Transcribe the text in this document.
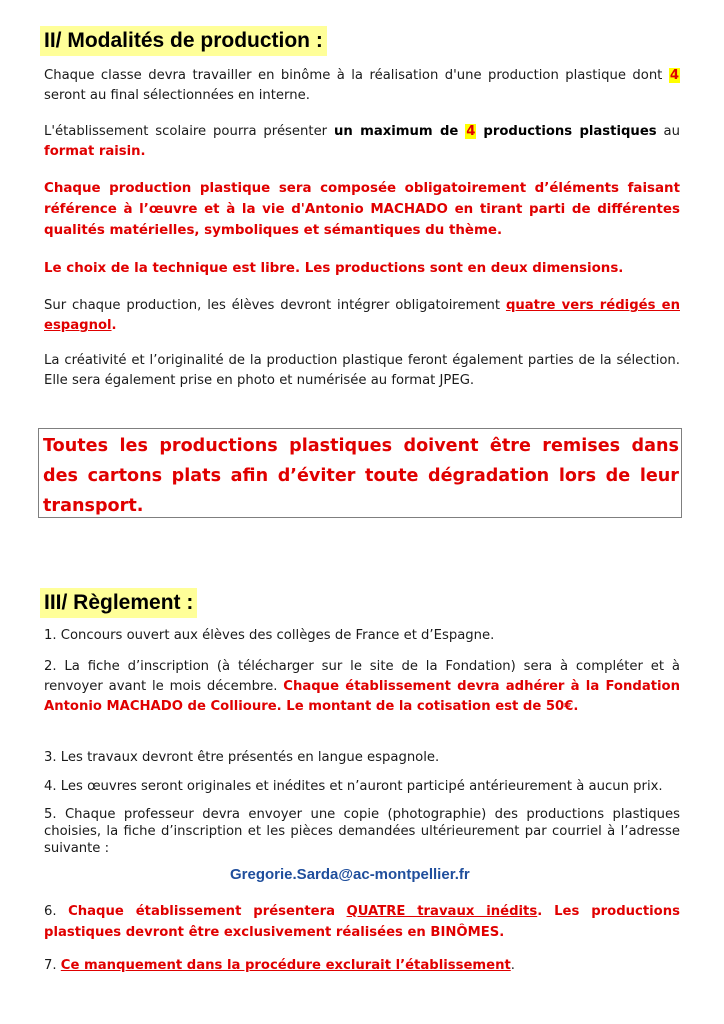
II/ Modalités de production :
Chaque classe devra travailler en binôme à la réalisation d'une production plastique dont 4 seront au final sélectionnées en interne.
L'établissement scolaire pourra présenter un maximum de 4 productions plastiques au format raisin.
Chaque production plastique sera composée obligatoirement d’éléments faisant référence à l’œuvre et à la vie d'Antonio MACHADO en tirant parti de différentes qualités matérielles, symboliques et sémantiques du thème.
Le choix de la technique est libre. Les productions sont en deux dimensions.
Sur chaque production, les élèves devront intégrer obligatoirement quatre vers rédigés en espagnol.
La créativité et l’originalité de la production plastique feront également parties de la sélection. Elle sera également prise en photo et numérisée au format JPEG.
Toutes les productions plastiques doivent être remises dans des cartons plats afin d’éviter toute dégradation lors de leur transport.
III/ Règlement :
1. Concours ouvert aux élèves des collèges de France et d’Espagne.
2. La fiche d’inscription (à télécharger sur le site de la Fondation) sera à compléter et à renvoyer avant le mois décembre. Chaque établissement devra adhérer à la Fondation Antonio MACHADO de Collioure. Le montant de la cotisation est de 50€.
3. Les travaux devront être présentés en langue espagnole.
4. Les œuvres seront originales et inédites et n’auront participé antérieurement à aucun prix.
5. Chaque professeur devra envoyer une copie (photographie) des productions plastiques choisies, la fiche d’inscription et les pièces demandées ultérieurement par courriel à l’adresse suivante :
Gregorie.Sarda@ac-montpellier.fr
6. Chaque établissement présentera QUATRE travaux inédits. Les productions plastiques devront être exclusivement réalisées en BINÔMES.
7. Ce manquement dans la procédure exclurait l’établissement.
